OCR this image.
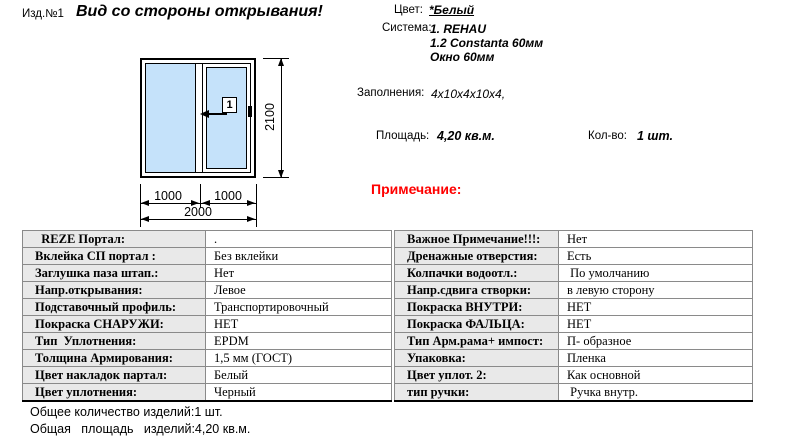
Изд.№1 Вид со стороны открывания!	Цвет: *Белый
Система:
1. REHAU
1.2 Constanta 60мм
Окно 60мм
Заполнения: 4x10x4x10x4,
Площадь: 4,20 кв.м.	Кол-во: 1 шт.
Примечание:
1	2100
1000	1000
2000
REZE Портал:	.
Вклейка СП портал :	Без вклейки
Заглушка паза штап.:	Нет
Напр.открывания:	Левое
Подставочный профиль:	Транспортировочный
Покраска СНАРУЖИ:	НЕТ
Тип  Уплотнения:	EPDM
Толщина Армирования:	1,5 мм (ГОСТ)
Цвет накладок партал:	Белый
Цвет уплотнения:	Черный
Важное Примечание!!!:	Нет
Дренажные отверстия:	Есть
Колпачки водоотл.:	По умолчанию
Напр.сдвига створки:	в левую сторону
Покраска ВНУТРИ:	НЕТ
Покраска ФАЛЬЦА:	НЕТ
Тип Арм.рама+ импост:	П- образное
Упаковка:	Пленка
Цвет уплот. 2:	Как основной
тип ручки:	Ручка внутр.
Общее количество изделий:1 шт.
Общая   площадь   изделий:4,20 кв.м.
